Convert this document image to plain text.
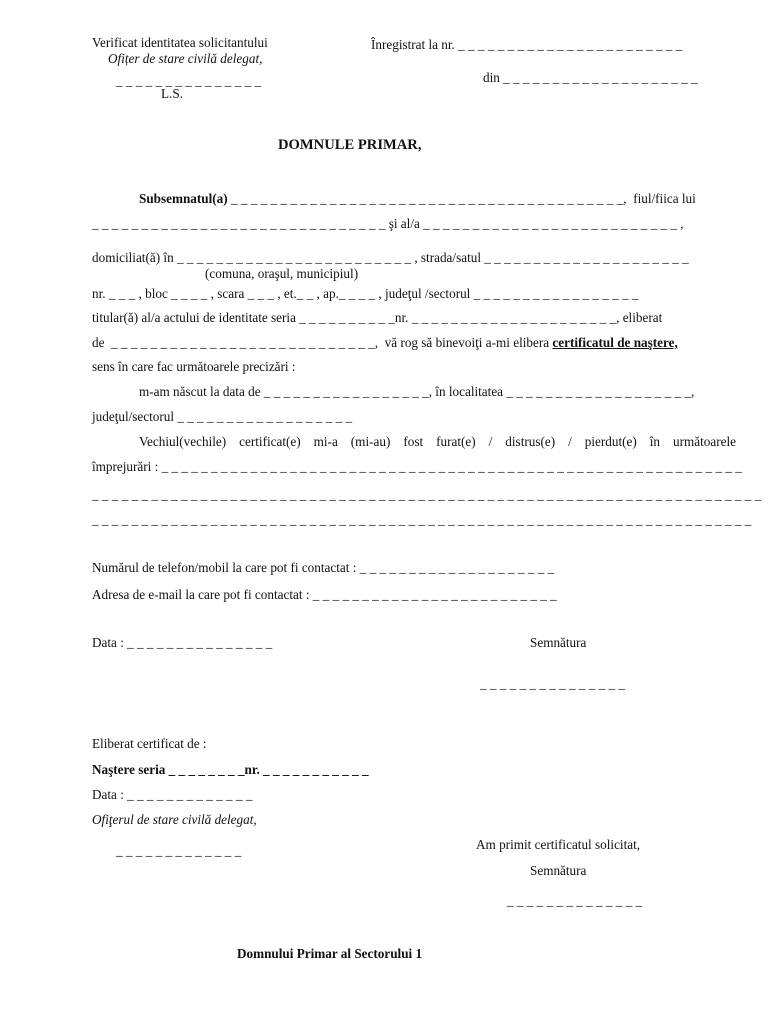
Verificat identitatea solicitantului
Ofițer de stare civilă delegat,
_ _ _ _ _ _ _ _ _ _ _ _ _ _ _
L.S.
Înregistrat la nr. _ _ _ _ _ _ _ _ _ _ _ _ _ _ _ _ _ _ _ _ _ _ _
din _ _ _ _ _ _ _ _ _ _ _ _ _ _ _ _ _ _ _ _
DOMNULE PRIMAR,
Subsemnatul(a) _ _ _ _ _ _ _ _ _ _ _ _ _ _ _ _ _ _ _ _ _ _ _ _ _ _ _ _ _ _ _ _ _ _ _ _ _ _ _ _,  fiul/fiica lui
_ _ _ _ _ _ _ _ _ _ _ _ _ _ _ _ _ _ _ _ _ _ _ _ _ _ _ _ _ _ şi al/a _ _ _ _ _ _ _ _ _ _ _ _ _ _ _ _ _ _ _ _ _ _ _ _ _ _ ,
domiciliat(ă) în _ _ _ _ _ _ _ _ _ _ _ _ _ _ _ _ _ _ _ _ _ _ _ _ , strada/satul _ _ _ _ _ _ _ _ _ _ _ _ _ _ _ _ _ _ _ _ _
(comuna, oraşul, municipiul)
nr. _ _ _ , bloc _ _ _ _ , scara _ _ _ , et._ _ , ap._ _ _ _ , judeţul /sectorul _ _ _ _ _ _ _ _ _ _ _ _ _ _ _ _ _
titular(ă) al/a actului de identitate seria _ _ _ _ _ _ _ _ _ _nr. _ _ _ _ _ _ _ _ _ _ _ _ _ _ _ _ _ _ _ _ _, eliberat
de  _ _ _ _ _ _ _ _ _ _ _ _ _ _ _ _ _ _ _ _ _ _ _ _ _ _ _,  vă rog să binevoiţi a-mi elibera certificatul de naştere,
sens în care fac următoarele precizări :
m-am născut la data de _ _ _ _ _ _ _ _ _ _ _ _ _ _ _ _ _, în localitatea _ _ _ _ _ _ _ _ _ _ _ _ _ _ _ _ _ _ _,
judeţul/sectorul _ _ _ _ _ _ _ _ _ _ _ _ _ _ _ _ _ _
Vechiul(vechile) certificat(e) mi-a (mi-au) fost furat(e) / distrus(e) / pierdut(e) în următoarele
împrejurări : _ _ _ _ _ _ _ _ _ _ _ _ _ _ _ _ _ _ _ _ _ _ _ _ _ _ _ _ _ _ _ _ _ _ _ _ _ _ _ _ _ _ _ _ _ _ _ _ _ _ _ _ _ _ _ _ _ _ _
_ _ _ _ _ _ _ _ _ _ _ _ _ _ _ _ _ _ _ _ _ _ _ _ _ _ _ _ _ _ _ _ _ _ _ _ _ _ _ _ _ _ _ _ _ _ _ _ _ _ _ _ _ _ _ _ _ _ _ _ _ _ _ _ _ _ _ _
_ _ _ _ _ _ _ _ _ _ _ _ _ _ _ _ _ _ _ _ _ _ _ _ _ _ _ _ _ _ _ _ _ _ _ _ _ _ _ _ _ _ _ _ _ _ _ _ _ _ _ _ _ _ _ _ _ _ _ _ _ _ _ _ _ _ _
Numărul de telefon/mobil la care pot fi contactat : _ _ _ _ _ _ _ _ _ _ _ _ _ _ _ _ _ _ _ _
Adresa de e-mail la care pot fi contactat : _ _ _ _ _ _ _ _ _ _ _ _ _ _ _ _ _ _ _ _ _ _ _ _ _
Data : _ _ _ _ _ _ _ _ _ _ _ _ _ _ _	Semnătura
_ _ _ _ _ _ _ _ _ _ _ _ _ _ _
Eliberat certificat de :
Naştere seria _ _ _ _ _ _ _ _nr. _ _ _ _ _ _ _ _ _ _ _
Data : _ _ _ _ _ _ _ _ _ _ _ _ _
Ofiţerul de stare civilă delegat,
_ _ _ _ _ _ _ _ _ _ _ _ _	Am primit certificatul solicitat,
Semnătura
_ _ _ _ _ _ _ _ _ _ _ _ _ _
Domnului Primar al Sectorului 1
